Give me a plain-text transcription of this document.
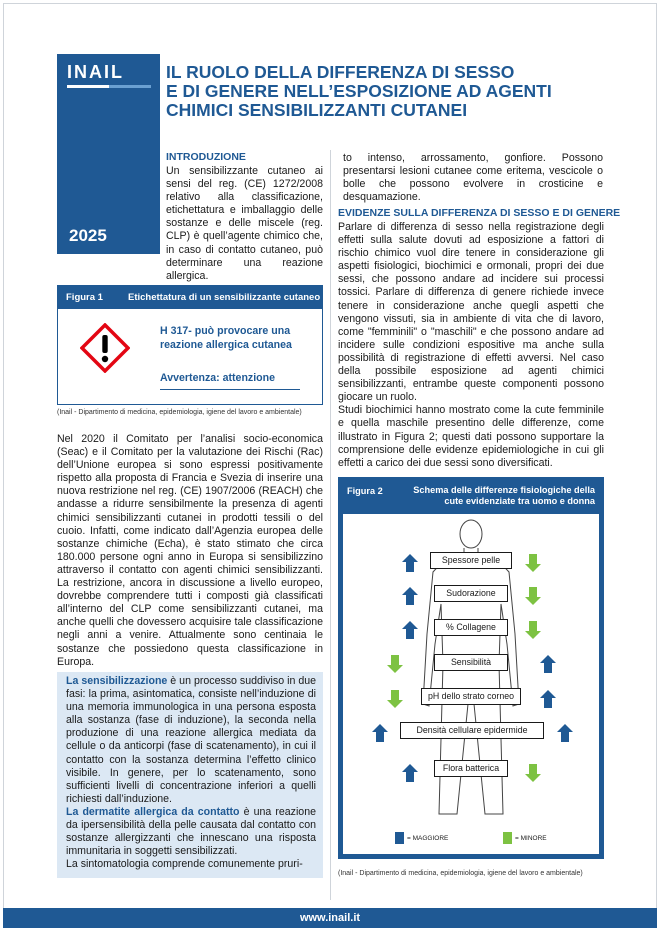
INAIL
2025
IL RUOLO DELLA DIFFERENZA DI SESSO
E DI GENERE NELL’ESPOSIZIONE AD AGENTI
CHIMICI SENSIBILIZZANTI CUTANEI
INTRODUZIONE
Un sensibilizzante cutaneo ai sensi del reg. (CE) 1272/2008 relativo alla classificazione, etichettatura e imballaggio delle sostanze e delle miscele (reg. CLP) è quell’agente chimico che, in caso di contatto cutaneo, può determinare una reazione allergica.
Figura 1	Etichettatura di un sensibilizzante cutaneo
H 317- può provocare una
reazione allergica cutanea
Avvertenza: attenzione
(Inail - Dipartimento di medicina, epidemiologia, igiene del lavoro e ambientale)
Nel 2020 il Comitato per l’analisi socio-economica (Seac) e il Comitato per la valutazione dei Rischi (Rac) dell’Unione europea si sono espressi positivamente rispetto alla proposta di Francia e Svezia di inserire una nuova restrizione nel reg. (CE) 1907/2006 (REACH) che andasse a ridurre sensibilmente la presenza di agenti chimici sensibilizzanti cutanei in prodotti tessili o del cuoio. Infatti, come indicato dall’Agenzia europea delle sostanze chimiche (Echa), è stato stimato che circa 180.000 persone ogni anno in Europa si sensibilizzino attraverso il contatto con agenti chimici sensibilizzanti. La restrizione, ancora in discussione a livello europeo, dovrebbe comprendere tutti i composti già classificati all’interno del CLP come sensibilizzanti cutanei, ma anche quelli che dovessero acquisire tale classificazione negli anni a venire. Attualmente sono centinaia le sostanze che possiedono questa classificazione in Europa.
La sensibilizzazione è un processo suddiviso in due fasi: la prima, asintomatica, consiste nell’induzione di una memoria immunologica in una persona esposta alla sostanza (fase di induzione), la seconda nella produzione di una reazione allergica mediata da cellule o da anticorpi (fase di scatenamento), in cui il contatto con la sostanza determina l’effetto clinico visibile. In genere, per lo scatenamento, sono sufficienti livelli di concentrazione inferiori a quelli richiesti dall’induzione.
La dermatite allergica da contatto è una reazione da ipersensibilità della pelle causata dal contatto con sostanze allergizzanti che innescano una risposta immunitaria in soggetti sensibilizzati.
La sintomatologia comprende comunemente pruri-
to intenso, arrossamento, gonfiore. Possono presentarsi lesioni cutanee come eritema, vescicole o bolle che possono evolvere in crosticine e desquamazione.
EVIDENZE SULLA DIFFERENZA DI SESSO E DI GENERE
Parlare di differenza di sesso nella registrazione degli effetti sulla salute dovuti ad esposizione a fattori di rischio chimico vuol dire tenere in considerazione gli aspetti fisiologici, biochimici e ormonali, propri dei due sessi, che possono andare ad incidere sui processi tossici. Parlare di differenza di genere richiede invece tenere in considerazione anche quegli aspetti che vengono vissuti, sia in ambiente di vita che di lavoro, come "femminili" o "maschili" e che possono andare ad incidere sulle condizioni espositive ma anche sulla possibilità di registrazione di effetti avversi. Nel caso della possibile esposizione ad agenti chimici sensibilizzanti, entrambe queste componenti possono giocare un ruolo.
Studi biochimici hanno mostrato come la cute femminile e quella maschile presentino delle differenze, come illustrato in Figura 2; questi dati possono supportare la comprensione delle evidenze epidemiologiche in cui gli effetti a carico dei due sessi sono diversificati.
Figura 2	Schema delle differenze fisiologiche della
cute evidenziate tra uomo e donna
Spessore pelle
Sudorazione
% Collagene
Sensibilità
pH dello strato corneo
Densità cellulare epidermide
Flora batterica
= MAGGIORE	= MINORE
(Inail - Dipartimento di medicina, epidemiologia, igiene del lavoro e ambientale)
www.inail.it
